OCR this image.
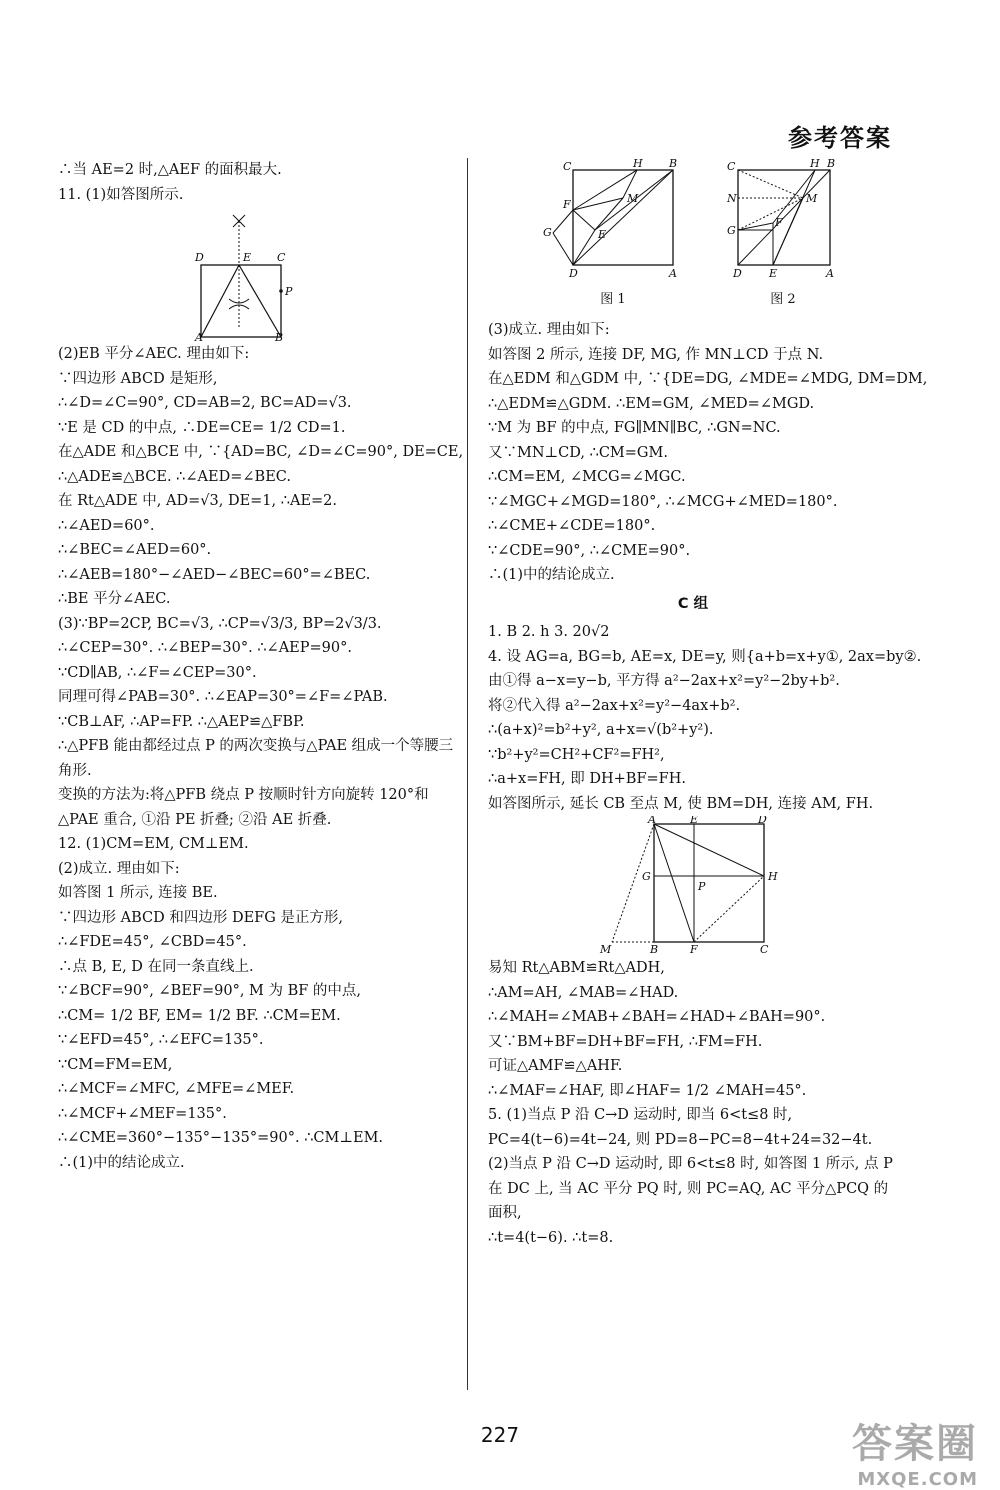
参考答案
∴当 AE=2 时,△AEF 的面积最大.
11. (1)如答图所示.
D	E C
P
A	B
(2)EB 平分∠AEC. 理由如下:
∵四边形 ABCD 是矩形,
∴∠D=∠C=90°, CD=AB=2, BC=AD=√3.
∵E 是 CD 的中点, ∴DE=CE= 1/2 CD=1.
在△ADE 和△BCE 中, ∵{AD=BC, ∠D=∠C=90°, DE=CE,
∴△ADE≌△BCE. ∴∠AED=∠BEC.
在 Rt△ADE 中, AD=√3, DE=1, ∴AE=2.
∴∠AED=60°.
∴∠BEC=∠AED=60°.
∴∠AEB=180°−∠AED−∠BEC=60°=∠BEC.
∴BE 平分∠AEC.
(3)∵BP=2CP, BC=√3, ∴CP=√3/3, BP=2√3/3.
∴∠CEP=30°. ∴∠BEP=30°. ∴∠AEP=90°.
∵CD∥AB, ∴∠F=∠CEP=30°.
同理可得∠PAB=30°. ∴∠EAP=30°=∠F=∠PAB.
∵CB⊥AF, ∴AP=FP. ∴△AEP≌△FBP.
∴△PFB 能由都经过点 P 的两次变换与△PAE 组成一个等腰三角形.
变换的方法为:将△PFB 绕点 P 按顺时针方向旋转 120°和△PAE 重合, ①沿 PE 折叠; ②沿 AE 折叠.
12. (1)CM=EM, CM⊥EM.
(2)成立. 理由如下:
如答图 1 所示, 连接 BE.
∵四边形 ABCD 和四边形 DEFG 是正方形,
∴∠FDE=45°, ∠CBD=45°.
∴点 B, E, D 在同一条直线上.
∵∠BCF=90°, ∠BEF=90°, M 为 BF 的中点,
∴CM= 1/2 BF, EM= 1/2 BF. ∴CM=EM.
∵∠EFD=45°, ∴∠EFC=135°.
∵CM=FM=EM,
∴∠MCF=∠MFC, ∠MFE=∠MEF.
∴∠MCF+∠MEF=135°.
∴∠CME=360°−135°−135°=90°. ∴CM⊥EM.
∴(1)中的结论成立.
C	H B
F	M
G	E
D	A
图 1
C	H B
N	M
G
F
D E	A
图 2
(3)成立. 理由如下:
如答图 2 所示, 连接 DF, MG, 作 MN⊥CD 于点 N.
在△EDM 和△GDM 中, ∵{DE=DG, ∠MDE=∠MDG, DM=DM,
∴△EDM≌△GDM. ∴EM=GM, ∠MED=∠MGD.
∵M 为 BF 的中点, FG∥MN∥BC, ∴GN=NC.
又∵MN⊥CD, ∴CM=GM.
∴CM=EM, ∠MCG=∠MGC.
∵∠MGC+∠MGD=180°, ∴∠MCG+∠MED=180°.
∴∠CME+∠CDE=180°.
∵∠CDE=90°, ∴∠CME=90°.
∴(1)中的结论成立.
C 组
1. B 2. h 3. 20√2
4. 设 AG=a, BG=b, AE=x, DE=y, 则{a+b=x+y①, 2ax=by②.
由①得 a−x=y−b, 平方得 a²−2ax+x²=y²−2by+b².
将②代入得 a²−2ax+x²=y²−4ax+b².
∴(a+x)²=b²+y², a+x=√(b²+y²).
∵b²+y²=CH²+CF²=FH²,
∴a+x=FH, 即 DH+BF=FH.
如答图所示, 延长 CB 至点 M, 使 BM=DH, 连接 AM, FH.
A	E	D
G
P
H
M	B	F	C
易知 Rt△ABM≌Rt△ADH,
∴AM=AH, ∠MAB=∠HAD.
∴∠MAH=∠MAB+∠BAH=∠HAD+∠BAH=90°.
又∵BM+BF=DH+BF=FH, ∴FM=FH.
可证△AMF≌△AHF.
∴∠MAF=∠HAF, 即∠HAF= 1/2 ∠MAH=45°.
5. (1)当点 P 沿 C→D 运动时, 即当 6<t≤8 时, PC=4(t−6)=4t−24, 则 PD=8−PC=8−4t+24=32−4t.
(2)当点 P 沿 C→D 运动时, 即 6<t≤8 时, 如答图 1 所示, 点 P 在 DC 上, 当 AC 平分 PQ 时, 则 PC=AQ, AC 平分△PCQ 的面积,
∴t=4(t−6). ∴t=8.
227	答案圈
MXQE.COM
